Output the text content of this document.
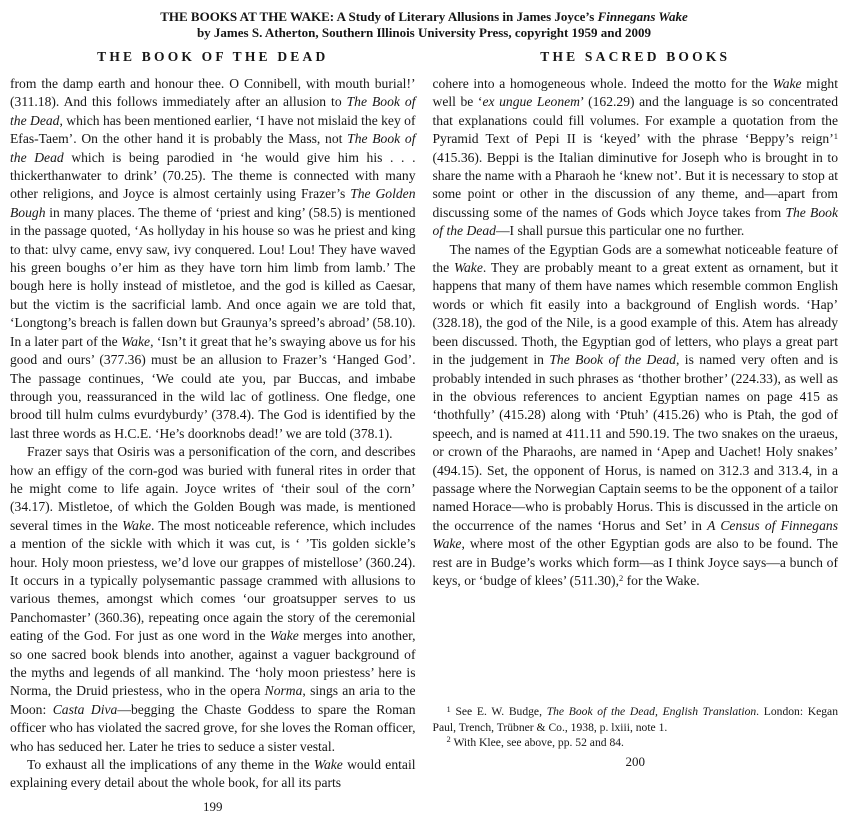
THE BOOKS AT THE WAKE: A Study of Literary Allusions in James Joyce’s Finnegans Wake
by James S. Atherton, Southern Illinois University Press, copyright 1959 and 2009
THE BOOK OF THE DEAD

from the damp earth and honour thee. O Connibell, with mouth burial!’ (311.18). And this follows immediately after an allusion to The Book of the Dead, which has been mentioned earlier, ‘I have not mislaid the key of Efas-Taem’. On the other hand it is probably the Mass, not The Book of the Dead which is being parodied in ‘he would give him his . . . thickerthanwater to drink’ (70.25). The theme is connected with many other religions, and Joyce is almost certainly using Frazer’s The Golden Bough in many places. The theme of ‘priest and king’ (58.5) is mentioned in the passage quoted, ‘As hollyday in his house so was he priest and king to that: ulvy came, envy saw, ivy conquered. Lou! Lou! They have waved his green boughs o’er him as they have torn him limb from lamb.’ The bough here is holly instead of mistletoe, and the god is killed as Caesar, but the victim is the sacrificial lamb. And once again we are told that, ‘Longtong’s breach is fallen down but Graunya’s spreed’s abroad’ (58.10). In a later part of the Wake, ‘Isn’t it great that he’s swaying above us for his good and ours’ (377.36) must be an allusion to Frazer’s ‘Hanged God’. The passage continues, ‘We could ate you, par Buccas, and imbabe through you, reassuranced in the wild lac of gotliness. One fledge, one brood till hulm culms evurdyburdy’ (378.4). The God is identified by the last three words as H.C.E. ‘He’s doorknobs dead!’ we are told (378.1).

Frazer says that Osiris was a personification of the corn, and describes how an effigy of the corn-god was buried with funeral rites in order that he might come to life again. Joyce writes of ‘their soul of the corn’ (34.17). Mistletoe, of which the Golden Bough was made, is mentioned several times in the Wake. The most noticeable reference, which includes a mention of the sickle with which it was cut, is ‘ ’Tis golden sickle’s hour. Holy moon priestess, we’d love our grappes of mistellose’ (360.24). It occurs in a typically polysemantic passage crammed with allusions to various themes, amongst which comes ‘our groatsupper serves to us Panchomaster’ (360.36), repeating once again the story of the ceremonial eating of the God. For just as one word in the Wake merges into another, so one sacred book blends into another, against a vaguer background of the myths and legends of all mankind. The ‘holy moon priestess’ here is Norma, the Druid priestess, who in the opera Norma, sings an aria to the Moon: Casta Diva—begging the Chaste Goddess to spare the Roman officer who has violated the sacred grove, for she loves the Roman officer, who has seduced her. Later he tries to seduce a sister vestal.

To exhaust all the implications of any theme in the Wake would entail explaining every detail about the whole book, for all its parts

199
THE SACRED BOOKS

cohere into a homogeneous whole. Indeed the motto for the Wake might well be ‘ex ungue Leonem’ (162.29) and the language is so concentrated that explanations could fill volumes. For example a quotation from the Pyramid Text of Pepi II is ‘keyed’ with the phrase ‘Beppy’s reign’$^1$ (415.36). Beppi is the Italian diminutive for Joseph who is brought in to share the name with a Pharaoh he ‘knew not’. But it is necessary to stop at some point or other in the discussion of any theme, and—apart from discussing some of the names of Gods which Joyce takes from The Book of the Dead—I shall pursue this particular one no further.

The names of the Egyptian Gods are a somewhat noticeable feature of the Wake. They are probably meant to a great extent as ornament, but it happens that many of them have names which resemble common English words or which fit easily into a background of English words. ‘Hap’ (328.18), the god of the Nile, is a good example of this. Atem has already been discussed. Thoth, the Egyptian god of letters, who plays a great part in the judgement in The Book of the Dead, is named very often and is probably intended in such phrases as ‘thother brother’ (224.33), as well as in the obvious references to ancient Egyptian names on page 415 as ‘thothfully’ (415.28) along with ‘Ptuh’ (415.26) who is Ptah, the god of speech, and is named at 411.11 and 590.19. The two snakes on the uraeus, or crown of the Pharaohs, are named in ‘Apep and Uachet! Holy snakes’ (494.15). Set, the opponent of Horus, is named on 312.3 and 313.4, in a passage where the Norwegian Captain seems to be the opponent of a tailor named Horace—who is probably Horus. This is discussed in the article on the occurrence of the names ‘Horus and Set’ in A Census of Finnegans Wake, where most of the other Egyptian gods are also to be found. The rest are in Budge’s works which form—as I think Joyce says—a bunch of keys, or ‘budge of klees’ (511.30),$^2$ for the Wake.

$^1$ See E. W. Budge, The Book of the Dead, English Translation. London: Kegan Paul, Trench, Trübner & Co., 1938, p. lxiii, note 1.

$^2$ With Klee, see above, pp. 52 and 84.

200
